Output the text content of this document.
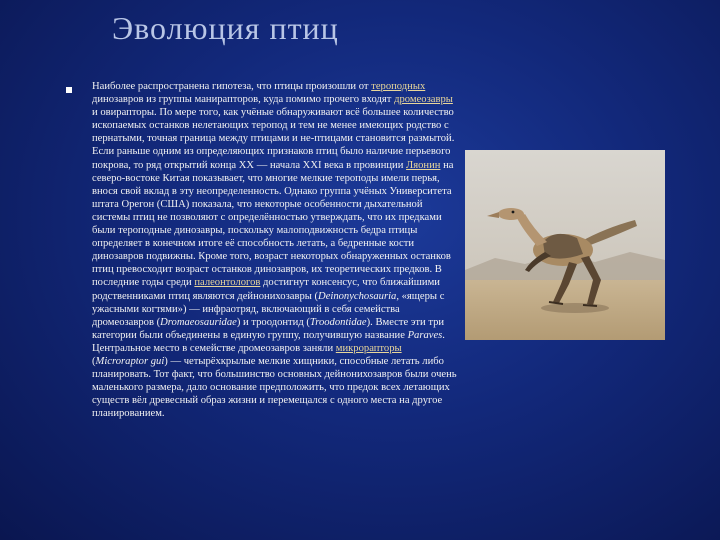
Эволюция птиц
Наиболее распространена гипотеза, что птицы произошли от тероподных динозавров из группы манирапторов, куда помимо прочего входят дромеозавры и овирапторы. По мере того, как учёные обнаруживают всё большее количество ископаемых останков нелетающих теропод и тем не менее имеющих родство с пернатыми, точная граница между птицами и не-птицами становится размытой. Если раньше одним из определяющих признаков птиц было наличие перьевого покрова, то ряд открытий конца XX — начала XXI века в провинции Ляонин на северо-востоке Китая показывает, что многие мелкие тероподы имели перья, внося свой вклад в эту неопределенность. Однако группа учёных Университета штата Орегон (США) показала, что некоторые особенности дыхательной системы птиц не позволяют с определённостью утверждать, что их предками были тероподные динозавры, поскольку малоподвижность бедра птицы определяет в конечном итоге её способность летать, а бедренные кости динозавров подвижны. Кроме того, возраст некоторых обнаруженных останков птиц превосходит возраст останков динозавров, их теоретических предков. В последние годы среди палеонтологов достигнут консенсус, что ближайшими родственниками птиц являются дейнонихозавры (Deinonychosauria, «ящеры с ужасными когтями») — инфраотряд, включающий в себя семейства дромеозавров (Dromaeosauridae) и троодонтид (Troodontidae). Вместе эти три категории были объединены в единую группу, получившую название Paraves. Центральное место в семействе дромеозавров заняли микрорапторы (Microraptor gui) — четырёхкрылые мелкие хищники, способные летать либо планировать. Тот факт, что большинство основных дейнонихозавров были очень маленького размера, дало основание предположить, что предок всех летающих существ вёл древесный образ жизни и перемещался с одного места на другое планированием.
